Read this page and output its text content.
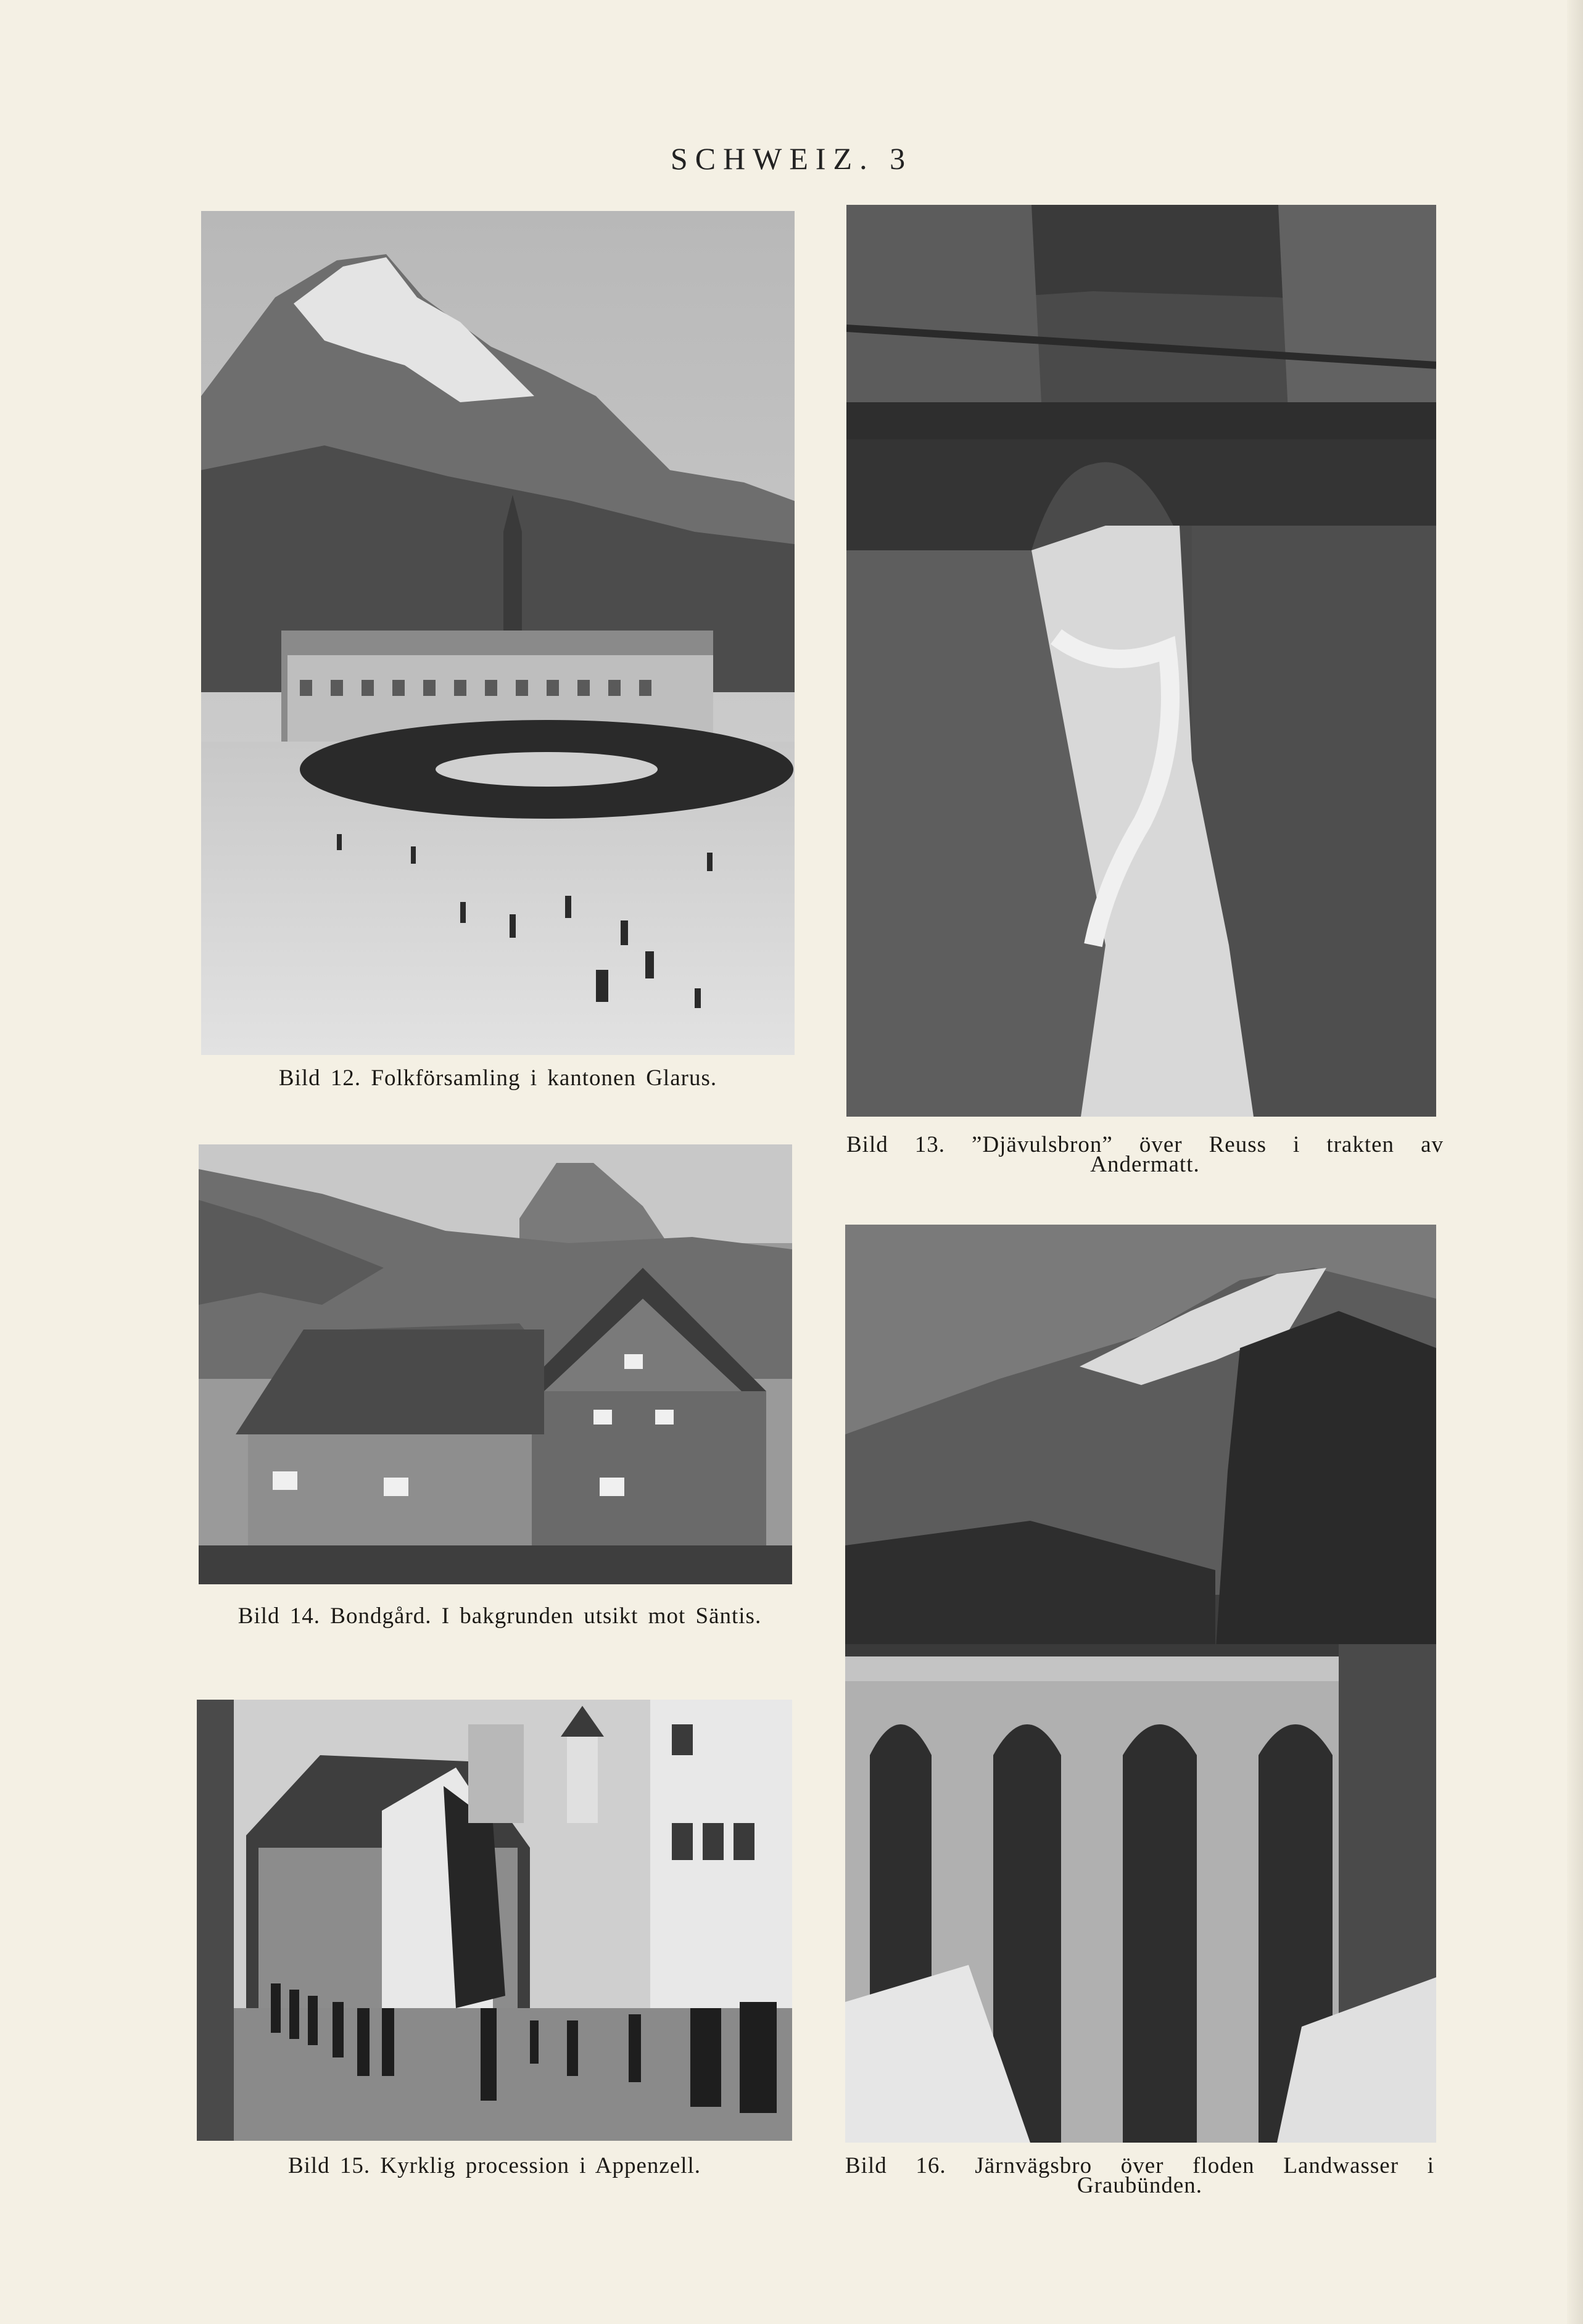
SCHWEIZ. 3
Bild 12. Folkförsamling i kantonen Glarus.
Bild 13. ”Djävulsbron” över Reuss i trakten av Andermatt.
Bild 14. Bondgård. I bakgrunden utsikt mot Säntis.
Bild 15. Kyrklig procession i Appenzell.	Bild 16. Järnvägsbro över floden Landwasser i Graubünden.
